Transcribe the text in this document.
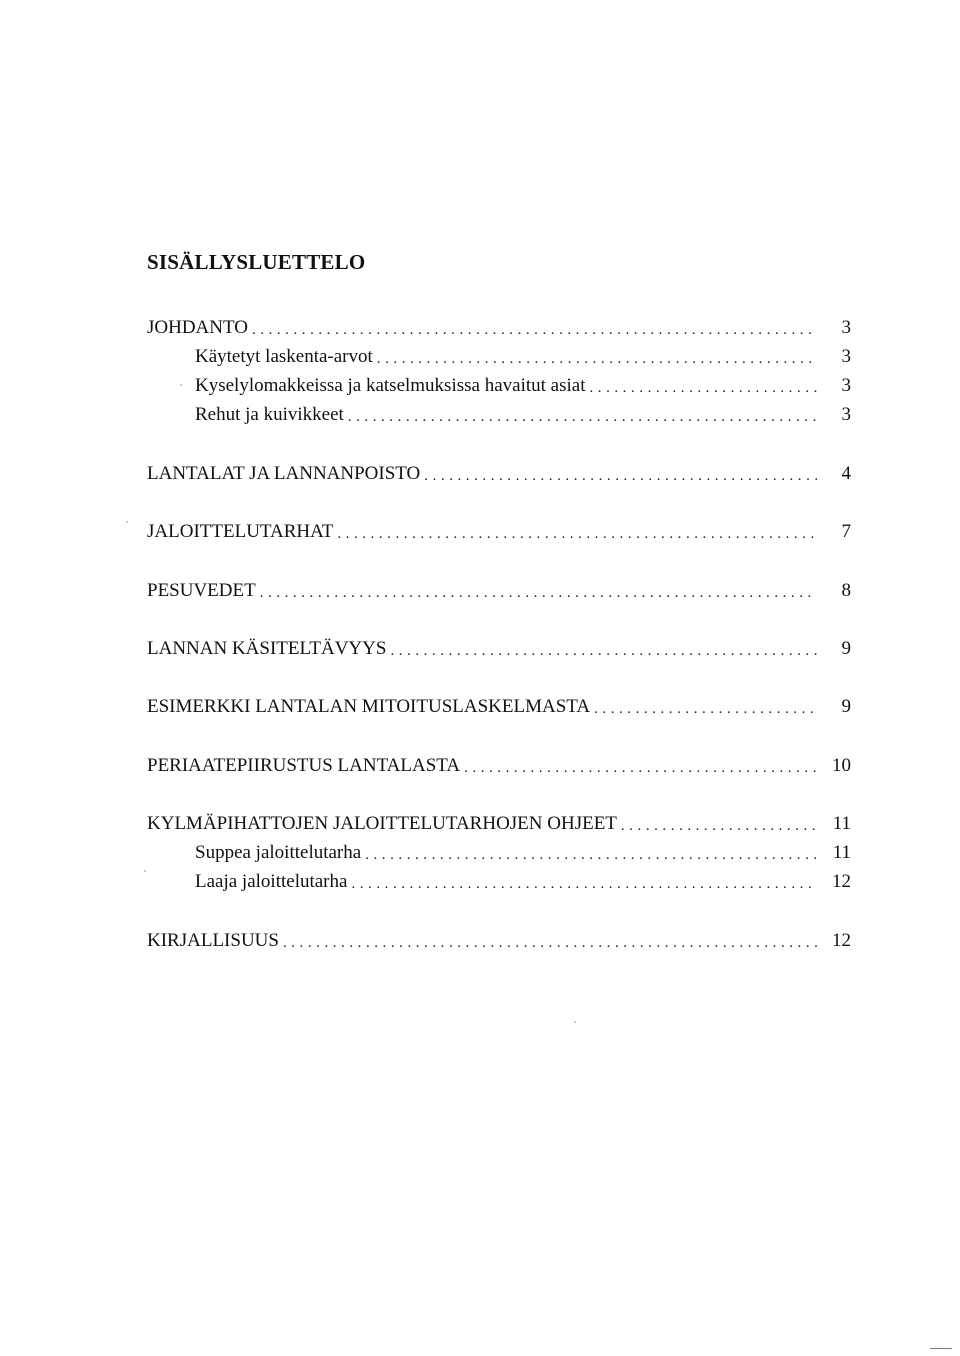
SISÄLLYSLUETTELO
JOHDANTO . . .	3
Käytetyt laskenta-arvot . . .	3
Kyselylomakkeissa ja katselmuksissa havaitut asiat . . .	3
Rehut ja kuivikkeet . . .	3
LANTALAT JA LANNANPOISTO . . .	4
JALOITTELUTARHAT . . .	7
PESUVEDET . . .	8
LANNAN KÄSITELTÄVYYS . . .	9
ESIMERKKI LANTALAN MITOITUSLASKELMASTA . . .	9
PERIAATEPIIRUSTUS LANTALASTA . . .	10
KYLMÄPIHATTOJEN JALOITTELUTARHOJEN OHJEET . . .	11
Suppea jaloittelutarha . . .	11
Laaja jaloittelutarha . . .	12
KIRJALLISUUS . . .	12
